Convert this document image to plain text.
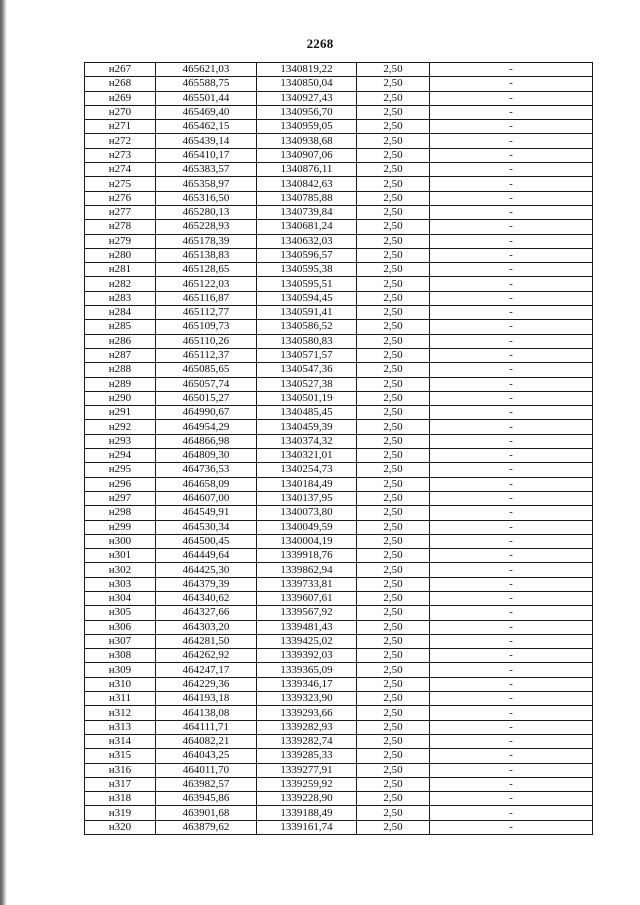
2268
н267	465621,03	1340819,22	2,50	-
н268	465588,75	1340850,04	2,50	-
н269	465501,44	1340927,43	2,50	-
н270	465469,40	1340956,70	2,50	-
н271	465462,15	1340959,05	2,50	-
н272	465439,14	1340938,68	2,50	-
н273	465410,17	1340907,06	2,50	-
н274	465383,57	1340876,11	2,50	-
н275	465358,97	1340842,63	2,50	-
н276	465316,50	1340785,88	2,50	-
н277	465280,13	1340739,84	2,50	-
н278	465228,93	1340681,24	2,50	-
н279	465178,39	1340632,03	2,50	-
н280	465138,83	1340596,57	2,50	-
н281	465128,65	1340595,38	2,50	-
н282	465122,03	1340595,51	2,50	-
н283	465116,87	1340594,45	2,50	-
н284	465112,77	1340591,41	2,50	-
н285	465109,73	1340586,52	2,50	-
н286	465110,26	1340580,83	2,50	-
н287	465112,37	1340571,57	2,50	-
н288	465085,65	1340547,36	2,50	-
н289	465057,74	1340527,38	2,50	-
н290	465015,27	1340501,19	2,50	-
н291	464990,67	1340485,45	2,50	-
н292	464954,29	1340459,39	2,50	-
н293	464866,98	1340374,32	2,50	-
н294	464809,30	1340321,01	2,50	-
н295	464736,53	1340254,73	2,50	-
н296	464658,09	1340184,49	2,50	-
н297	464607,00	1340137,95	2,50	-
н298	464549,91	1340073,80	2,50	-
н299	464530,34	1340049,59	2,50	-
н300	464500,45	1340004,19	2,50	-
н301	464449,64	1339918,76	2,50	-
н302	464425,30	1339862,94	2,50	-
н303	464379,39	1339733,81	2,50	-
н304	464340,62	1339607,61	2,50	-
н305	464327,66	1339567,92	2,50	-
н306	464303,20	1339481,43	2,50	-
н307	464281,50	1339425,02	2,50	-
н308	464262,92	1339392,03	2,50	-
н309	464247,17	1339365,09	2,50	-
н310	464229,36	1339346,17	2,50	-
н311	464193,18	1339323,90	2,50	-
н312	464138,08	1339293,66	2,50	-
н313	464111,71	1339282,93	2,50	-
н314	464082,21	1339282,74	2,50	-
н315	464043,25	1339285,33	2,50	-
н316	464011,70	1339277,91	2,50	-
н317	463982,57	1339259,92	2,50	-
н318	463945,86	1339228,90	2,50	-
н319	463901,68	1339188,49	2,50	-
н320	463879,62	1339161,74	2,50	-
